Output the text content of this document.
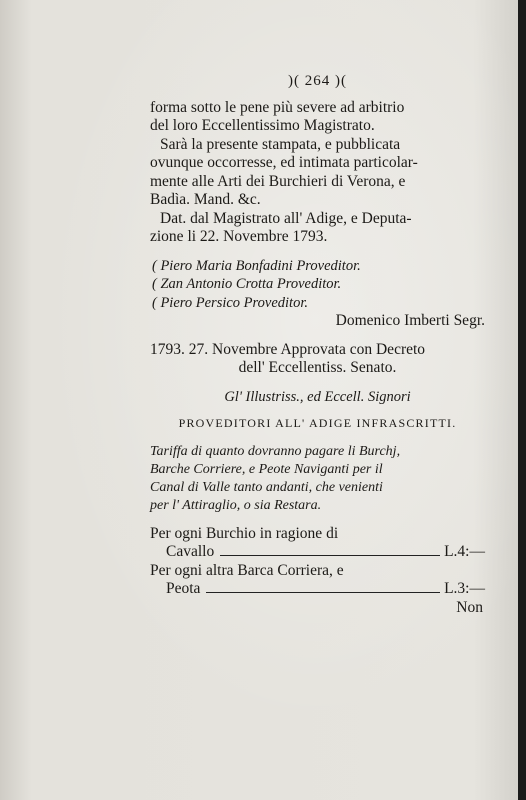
)( 264 )(
forma sotto le pene più severe ad arbitrio
del loro Eccellentissimo Magistrato.
Sarà la presente stampata, e pubblicata
ovunque occorresse, ed intimata particolar-
mente alle Arti dei Burchieri di Verona, e
Badìa. Mand. &c.
Dat. dal Magistrato all' Adige, e Deputa-
zione li 22. Novembre 1793.
( Piero Maria Bonfadini Proveditor.
( Zan Antonio Crotta Proveditor.
( Piero Persico Proveditor.
Domenico Imberti Segr.
1793. 27. Novembre Approvata con Decreto
dell' Eccellentiss. Senato.
Gl' Illustriss., ed Eccell. Signori
PROVEDITORI ALL' ADIGE INFRASCRITTI.
Tariffa di quanto dovranno pagare li Burchj,
Barche Corriere, e Peote Naviganti per il
Canal di Valle tanto andanti, che venienti
per l' Attiraglio, o sia Restara.
Per ogni Burchio in ragione di
Cavallo	L.4:—
Per ogni altra Barca Corriera, e
Peota	L.3:—
Non
